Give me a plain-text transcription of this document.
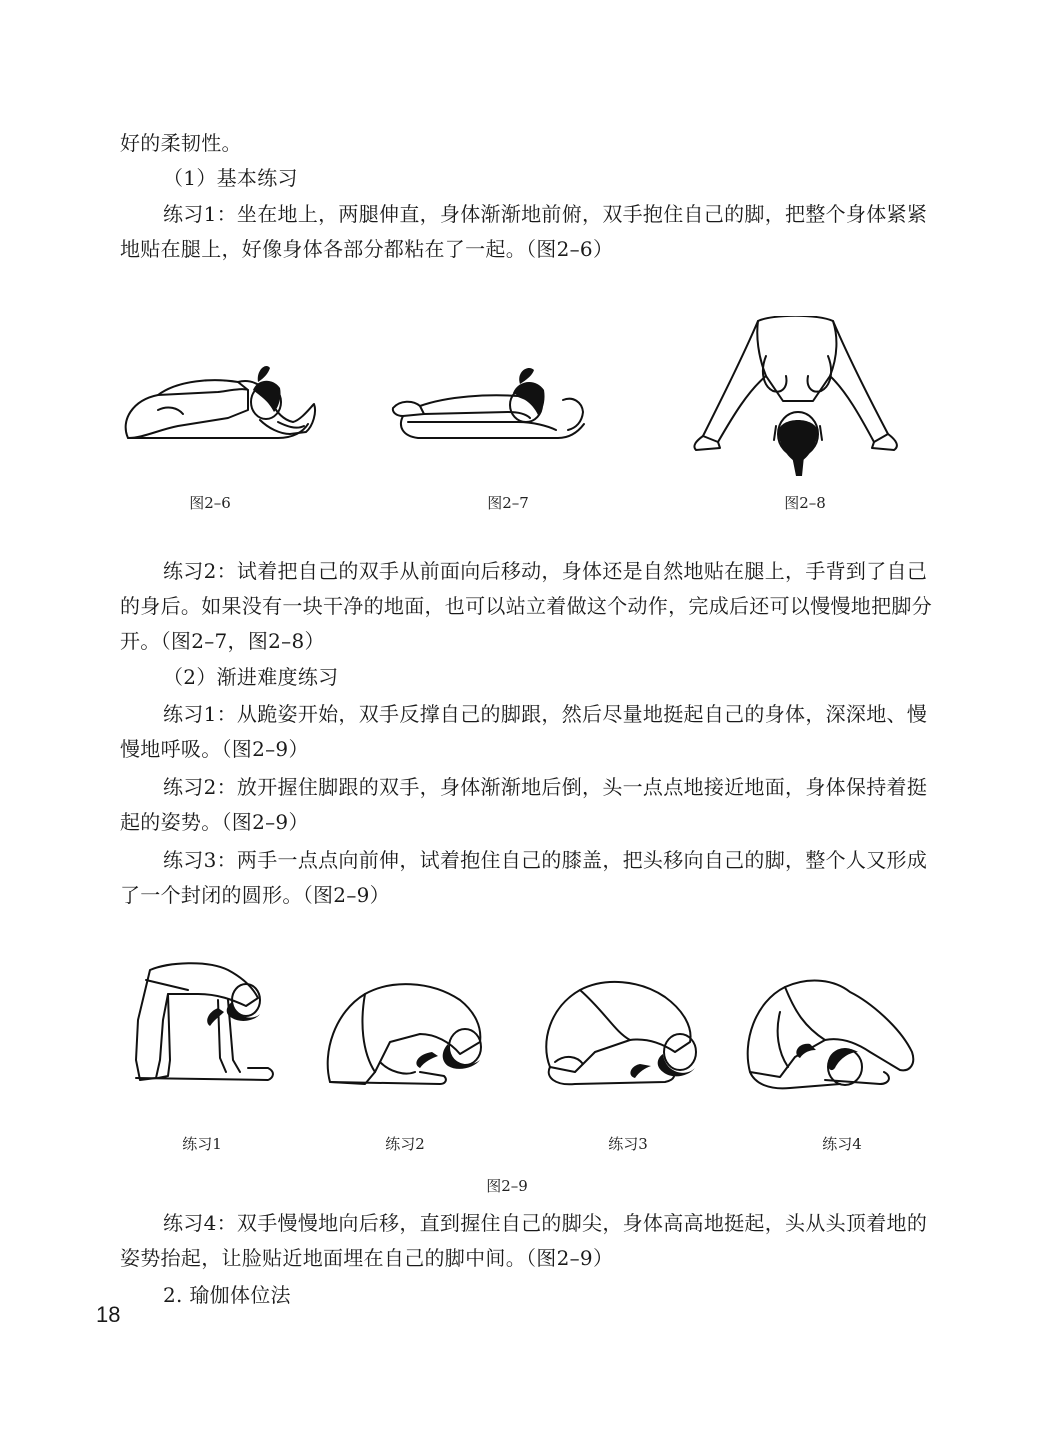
好的柔韧性。

（1）基本练习

练习1：坐在地上，两腿伸直，身体渐渐地前俯，双手抱住自己的脚，把整个身体紧紧地贴在腿上，好像身体各部分都粘在了一起。（图2–6）

图2–6	图2–7	图2–8

练习2：试着把自己的双手从前面向后移动，身体还是自然地贴在腿上，手背到了自己的身后。如果没有一块干净的地面，也可以站立着做这个动作，完成后还可以慢慢地把脚分开。（图2–7，图2–8）

（2）渐进难度练习

练习1：从跪姿开始，双手反撑自己的脚跟，然后尽量地挺起自己的身体，深深地、慢慢地呼吸。（图2–9）

练习2：放开握住脚跟的双手，身体渐渐地后倒，头一点点地接近地面，身体保持着挺起的姿势。（图2–9）

练习3：两手一点点向前伸，试着抱住自己的膝盖，把头移向自己的脚，整个人又形成了一个封闭的圆形。（图2–9）

练习1	练习2	练习3	练习4
图2–9

练习4：双手慢慢地向后移，直到握住自己的脚尖，身体高高地挺起，头从头顶着地的姿势抬起，让脸贴近地面埋在自己的脚中间。（图2–9）

2. 瑜伽体位法

18
